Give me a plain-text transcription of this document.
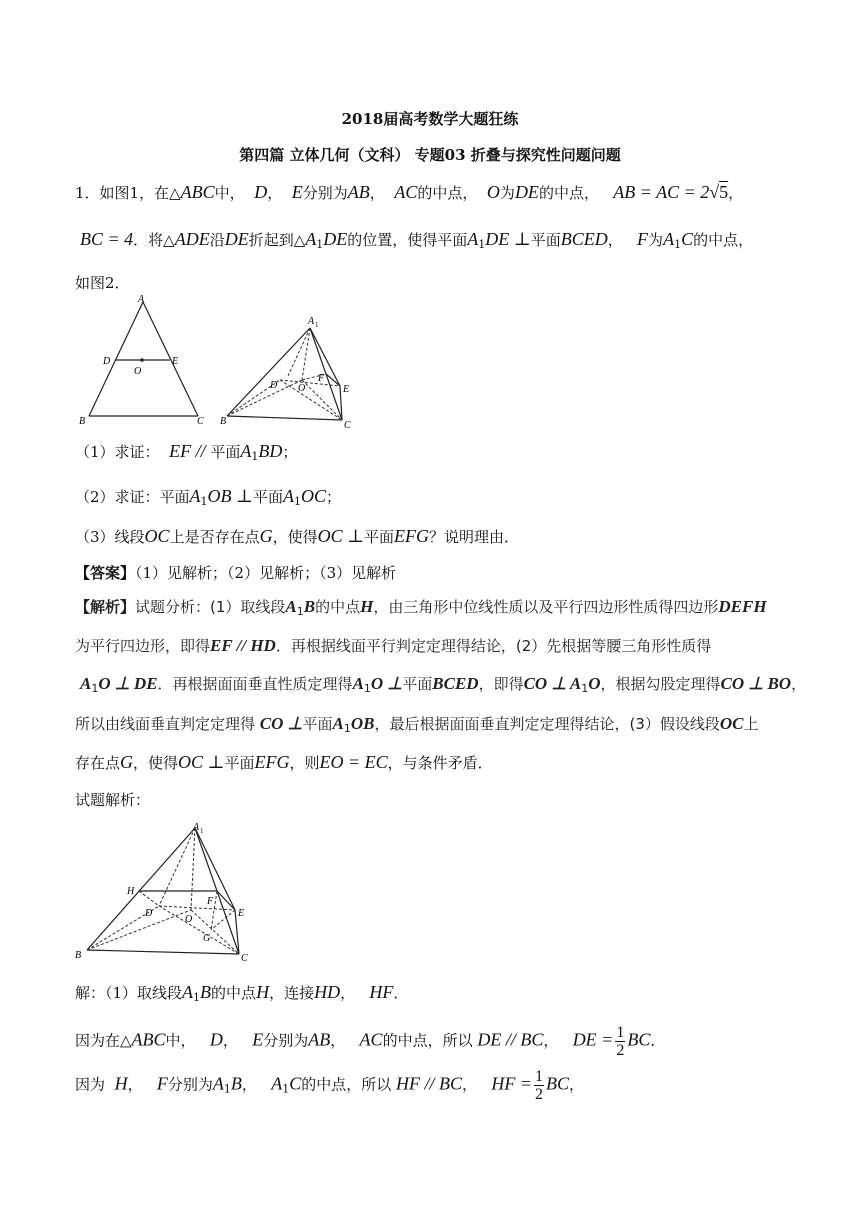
2018届高考数学大题狂练
第四篇 立体几何（文科） 专题03 折叠与探究性问题问题
1．如图1，在△ABC中， D， E分别为AB， AC的中点， O为DE的中点， AB = AC = 2√5，
BC = 4．将△ADE沿DE折起到$\triangle A_1DE$的位置，使得平面$A_1DE$ ⊥平面BCED， F为$A_1C$的中点，
如图2．
A
D	E
O
B	C
A 1
D O
F
E
B	C
（1）求证： EF // 平面$A_1BD$；
（2）求证：平面$A_1OB$ ⊥平面$A_1OC$；
（3）线段OC上是否存在点G，使得OC ⊥平面EFG？说明理由．
【答案】（1）见解析；（2）见解析；（3）见解析
【解析】试题分析：(1）取线段$A_1B$的中点H，由三角形中位线性质以及平行四边形性质得四边形DEFH
为平行四边形，即得EF // HD．再根据线面平行判定定理得结论，(2）先根据等腰三角形性质得
$A_1O$ ⊥ DE．再根据面面垂直性质定理得$A_1O$ ⊥平面BCED，即得CO ⊥ $A_1O$，根据勾股定理得CO ⊥ BO，
所以由线面垂直判定定理得 CO ⊥平面$A_1OB$，最后根据面面垂直判定定理得结论，(3）假设线段OC上
存在点G，使得OC ⊥平面EFG，则EO = EC，与条件矛盾．
试题解析：
A 1
H
D
O
F
E
G
B	C
解：（1）取线段$A_1B$的中点H，连接HD， HF．
因为在△ABC中， D， E分别为AB， AC的中点，所以 DE // BC， DE = $\frac{1}{2}$ BC．
因为 H， F分别为$A_1B$， $A_1C$的中点，所以 HF // BC， HF = $\frac{1}{2}$ BC，
